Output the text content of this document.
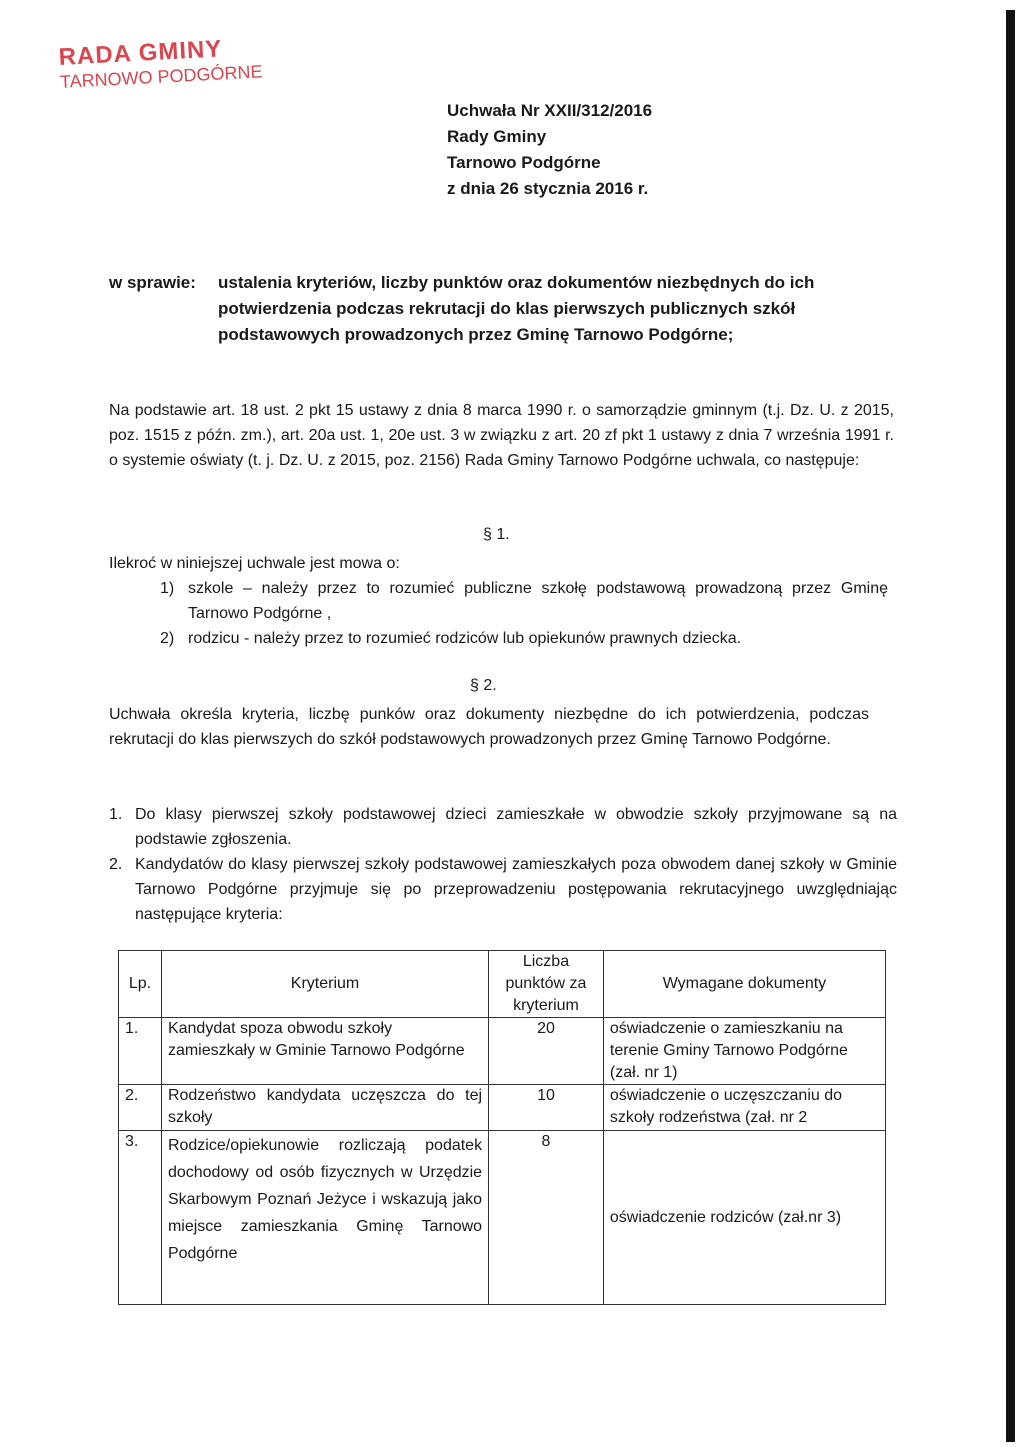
RADA GMINY
TARNOWO PODGÓRNE
Uchwała Nr XXII/312/2016
Rady Gminy
Tarnowo Podgórne
z dnia 26 stycznia 2016 r.
w sprawie: ustalenia kryteriów, liczby punktów oraz dokumentów niezbędnych do ich potwierdzenia podczas rekrutacji do klas pierwszych publicznych szkół podstawowych prowadzonych przez Gminę Tarnowo Podgórne;
Na podstawie art. 18 ust. 2 pkt 15 ustawy z dnia 8 marca 1990 r. o samorządzie gminnym (t.j. Dz. U. z 2015, poz. 1515 z późn. zm.), art. 20a ust. 1, 20e ust. 3 w związku z art. 20 zf pkt 1 ustawy z dnia 7 września 1991 r. o systemie oświaty (t. j. Dz. U. z 2015, poz. 2156) Rada Gminy Tarnowo Podgórne uchwala, co następuje:
§ 1.
Ilekroć w niniejszej uchwale jest mowa o:
1) szkole – należy przez to rozumieć publiczne szkołę podstawową prowadzoną przez Gminę Tarnowo Podgórne ,
2) rodzicu - należy przez to rozumieć rodziców lub opiekunów prawnych dziecka.
§ 2.
Uchwała określa kryteria, liczbę punków oraz dokumenty niezbędne do ich potwierdzenia, podczas rekrutacji do klas pierwszych do szkół podstawowych prowadzonych przez Gminę Tarnowo Podgórne.
1. Do klasy pierwszej szkoły podstawowej dzieci zamieszkałe w obwodzie szkoły przyjmowane są na podstawie zgłoszenia.
2. Kandydatów do klasy pierwszej szkoły podstawowej zamieszkałych poza obwodem danej szkoły w Gminie Tarnowo Podgórne przyjmuje się po przeprowadzeniu postępowania rekrutacyjnego uwzględniając następujące kryteria:
Lp.	Kryterium	Liczba punktów za kryterium	Wymagane dokumenty
1.	Kandydat spoza obwodu szkoły zamieszkały w Gminie Tarnowo Podgórne	20	oświadczenie o zamieszkaniu na terenie Gminy Tarnowo Podgórne (zał. nr 1)
2.	Rodzeństwo kandydata uczęszcza do tej szkoły	10	oświadczenie o uczęszczaniu do szkoły rodzeństwa (zał. nr 2
3.	Rodzice/opiekunowie rozliczają podatek dochodowy od osób fizycznych w Urzędzie Skarbowym Poznań Jeżyce i wskazują jako miejsce zamieszkania Gminę Tarnowo Podgórne	8	oświadczenie rodziców (zał.nr 3)
